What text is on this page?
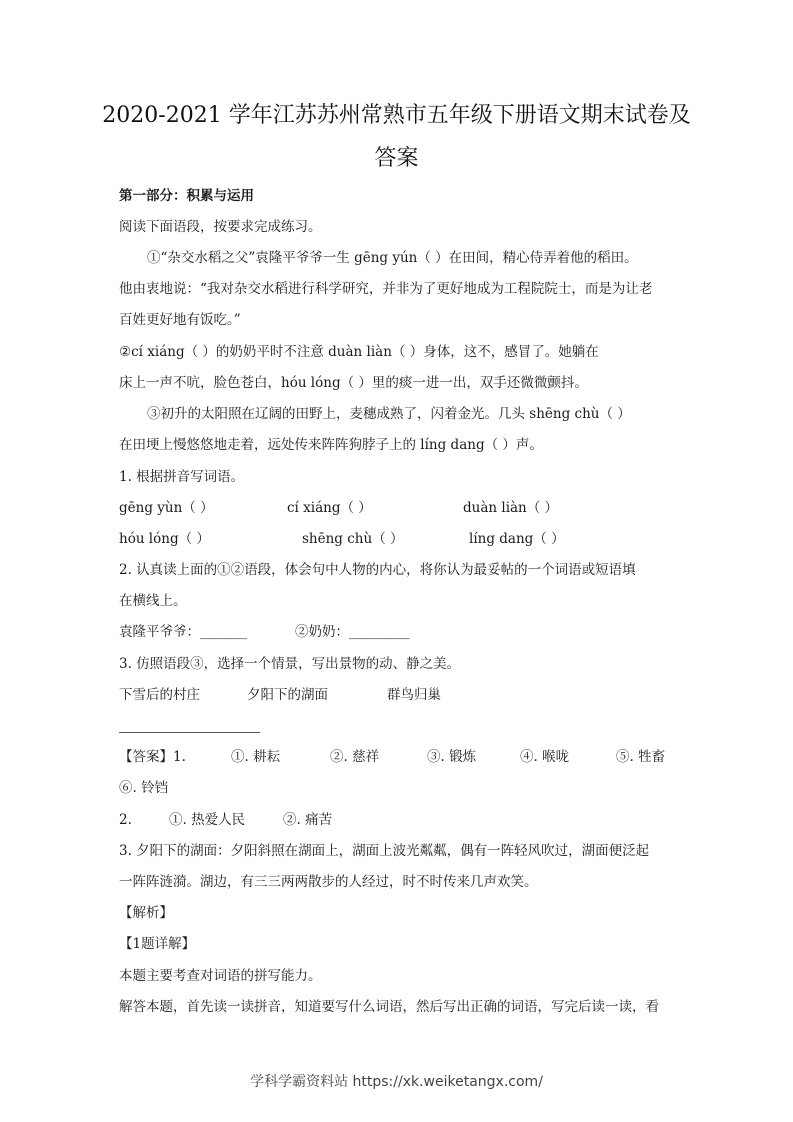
2020-2021 学年江苏苏州常熟市五年级下册语文期末试卷及
答案
第一部分：积累与运用
阅读下面语段，按要求完成练习。
①“杂交水稻之父”袁隆平爷爷一生 gēng yún（ ）在田间，精心侍弄着他的稻田。
他由衷地说：“我对杂交水稻进行科学研究，并非为了更好地成为工程院院士，而是为让老
百姓更好地有饭吃。”
②cí xiáng（ ）的奶奶平时不注意 duàn liàn（ ）身体，这不，感冒了。她躺在
床上一声不吭，脸色苍白，hóu lóng（ ）里的痰一进一出，双手还微微颤抖。
③初升的太阳照在辽阔的田野上，麦穗成熟了，闪着金光。几头 shēng chù（ ）
在田埂上慢悠悠地走着，远处传来阵阵狗脖子上的 líng dang（ ）声。
1. 根据拼音写词语。
gēng yùn（ ）	cí xiáng（ ）	duàn liàn（ ）
hóu lóng（ ）	shēng chù（ ）	líng dang（ ）
2. 认真读上面的①②语段，体会句中人物的内心，将你认为最妥帖的一个词语或短语填
在横线上。
袁隆平爷爷：_______	②奶奶：_________
3. 仿照语段③，选择一个情景，写出景物的动、静之美。
下雪后的村庄	夕阳下的湖面	群鸟归巢
【答案】1.	①. 耕耘	②. 慈祥	③. 锻炼	④. 喉咙	⑤. 牲畜
⑥. 铃铛
2.	①. 热爱人民	②. 痛苦
3. 夕阳下的湖面：夕阳斜照在湖面上，湖面上波光粼粼，偶有一阵轻风吹过，湖面便泛起
一阵阵涟漪。湖边，有三三两两散步的人经过，时不时传来几声欢笑。
【解析】
【1题详解】
本题主要考查对词语的拼写能力。
解答本题，首先读一读拼音，知道要写什么词语，然后写出正确的词语，写完后读一读，看
学科学霸资料站 https://xk.weiketangx.com/
